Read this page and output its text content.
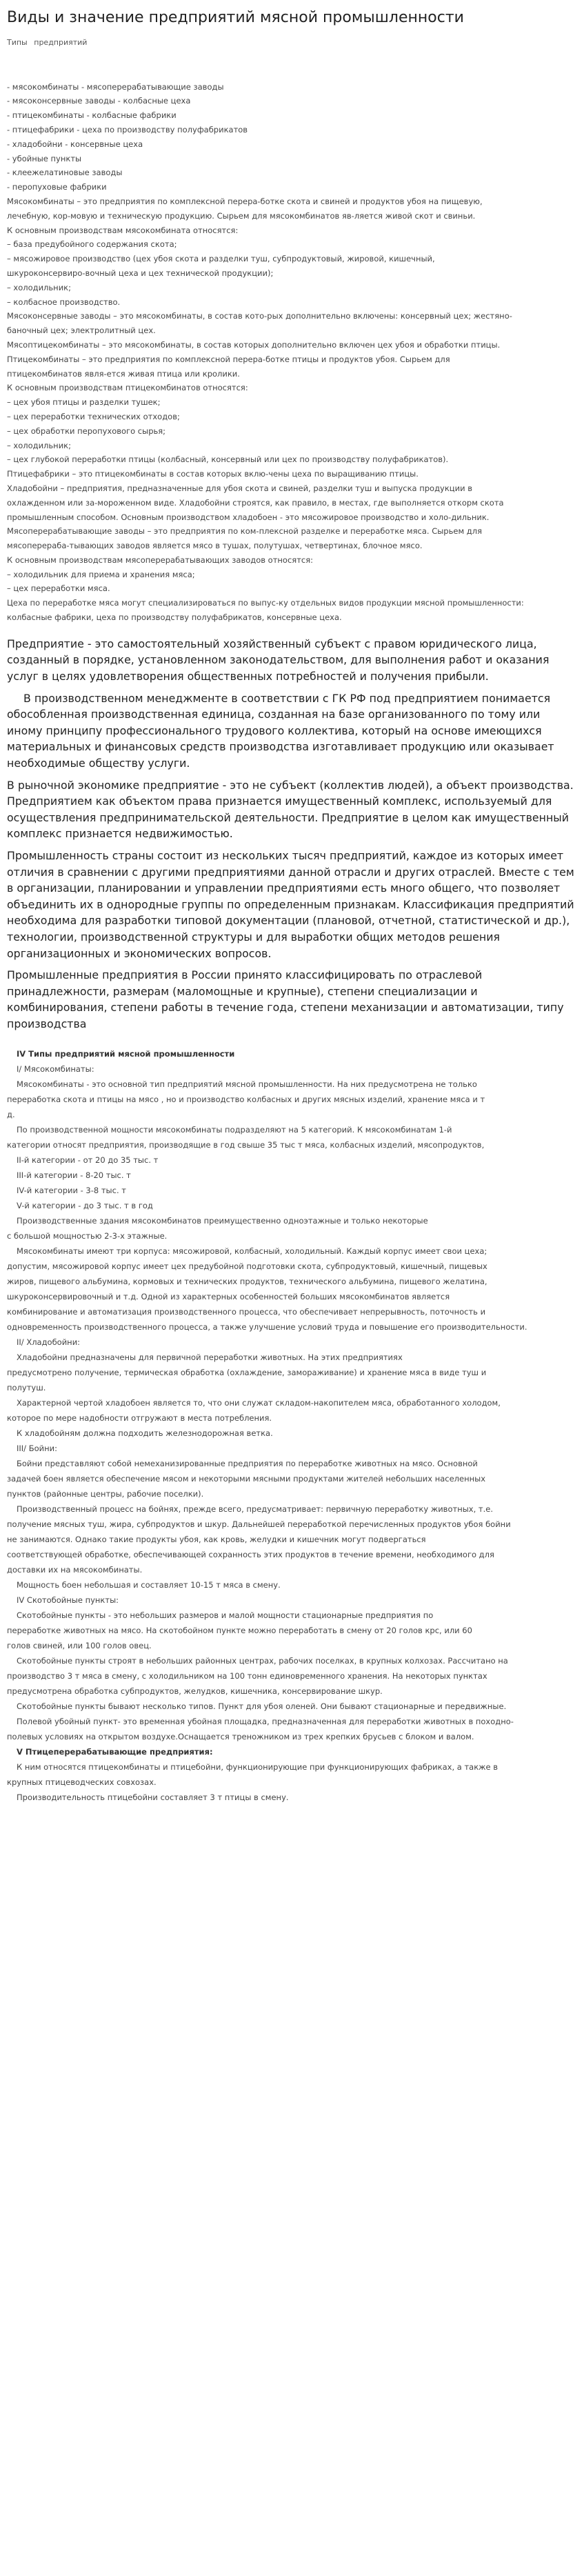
Виды и значение предприятий мясной промышленности
Типы предприятий

- мясокомбинаты - мясоперерабатывающие заводы

- мясоконсервные заводы - колбасные цеха

- птицекомбинаты - колбасные фабрики

- птицефабрики - цеха по производству полуфабрикатов

- хладобойни - консервные цеха

- убойные пункты

- клеежелатиновые заводы

- перопуховые фабрики

Мясокомбинаты – это предприятия по комплексной перера-ботке скота и свиней и продуктов убоя на пищевую,

лечебную, кор-мовую и техническую продукцию. Сырьем для мясокомбинатов яв-ляется живой скот и свиньи.

К основным производствам мясокомбината относятся:

– база предубойного содержания скота;

– мясожировое производство (цех убоя скота и разделки туш, субпродуктовый, жировой, кишечный,

шкуроконсервиро-вочный цеха и цех технической продукции);

– холодильник;

– колбасное производство.

Мясоконсервные заводы – это мясокомбинаты, в состав кото-рых дополнительно включены: консервный цех; жестяно-

баночный цех; электролитный цех.

Мясоптицекомбинаты – это мясокомбинаты, в состав которых дополнительно включен цех убоя и обработки птицы.

Птицекомбинаты – это предприятия по комплексной перера-ботке птицы и продуктов убоя. Сырьем для

птицекомбинатов явля-ется живая птица или кролики.

К основным производствам птицекомбинатов относятся:

– цех убоя птицы и разделки тушек;

– цех переработки технических отходов;

– цех обработки перопухового сырья;

– холодильник;

– цех глубокой переработки птицы (колбасный, консервный или цех по производству полуфабрикатов).

Птицефабрики – это птицекомбинаты в состав которых вклю-чены цеха по выращиванию птицы.

Хладобойни – предприятия, предназначенные для убоя скота и свиней, разделки туш и выпуска продукции в

охлажденном или за-мороженном виде. Хладобойни строятся, как правило, в местах, где выполняется откорм скота

промышленным способом. Основным производством хладобоен - это мясожировое производство и холо-дильник.

Мясоперерабатывающие заводы – это предприятия по ком-плексной разделке и переработке мяса. Сырьем для

мясоперераба-тывающих заводов является мясо в тушах, полутушах, четвертинах, блочное мясо.

К основным производствам мясоперерабатывающих заводов относятся:

– холодильник для приема и хранения мяса;

– цех переработки мяса.

Цеха по переработке мяса могут специализироваться по выпус-ку отдельных видов продукции мясной промышленности:

колбасные фабрики, цеха по производству полуфабрикатов, консервные цеха.

Предприятие - это самостоятельный хозяйственный субъект с правом юридического лица, созданный в порядке, установленном законодательством, для выполнения работ и оказания услуг в целях удовлетворения общественных потребностей и получения прибыли.

В производственном менеджменте в соответствии с ГК РФ под предприятием понимается обособленная производственная единица, созданная на базе организованного по тому или иному принципу профессионального трудового коллектива, который на основе имеющихся материальных и финансовых средств производства изготавливает продукцию или оказывает необходимые обществу услуги.

В рыночной экономике предприятие - это не субъект (коллектив людей), а объект производства. Предприятием как объектом права признается имущественный комплекс, используемый для осуществления предпринимательской деятельности. Предприятие в целом как имущественный комплекс признается недвижимостью.

Промышленность страны состоит из нескольких тысяч предприятий, каждое из которых имеет отличия в сравнении с другими предприятиями данной отрасли и других отраслей. Вместе с тем в организации, планировании и управлении предприятиями есть много общего, что позволяет объединить их в однородные группы по определенным признакам. Классификация предприятий необходима для разработки типовой документации (плановой, отчетной, статистической и др.), технологии, производственной структуры и для выработки общих методов решения организационных и экономических вопросов.

Промышленные предприятия в России принято классифицировать по отраслевой принадлежности, размерам (маломощные и крупные), степени специализации и комбинирования, степени работы в течение года, степени механизации и автоматизации, типу производства

IV Типы предприятий мясной промышленности

I/ Мясокомбинаты:

Мясокомбинаты - это основной тип предприятий мясной промышленности. На них предусмотрена не только

переработка скота и птицы на мясо , но и производство колбасных и других мясных изделий, хранение мяса и т

д.

По производственной мощности мясокомбинаты подразделяют на 5 категорий. К мясокомбинатам 1-й

категории относят предприятия, производящие в год свыше 35 тыс т мяса, колбасных изделий, мясопродуктов,

II-й категории - от 20 до 35 тыс. т

III-й категории - 8-20 тыс. т

IV-й категории - 3-8 тыс. т

V-й категории - до 3 тыс. т в год

Производственные здания мясокомбинатов преимущественно одноэтажные и только некоторые

с большой мощностью 2-3-х этажные.

Мясокомбинаты имеют три корпуса: мясожировой, колбасный, холодильный. Каждый корпус имеет свои цеха;

допустим, мясожировой корпус имеет цех предубойной подготовки скота, субпродуктовый, кишечный, пищевых

жиров, пищевого альбумина, кормовых и технических продуктов, технического альбумина, пищевого желатина,

шкуроконсервировочный и т.д. Одной из характерных особенностей больших мясокомбинатов является

комбинирование и автоматизация производственного процесса, что обеспечивает непрерывность, поточность и

одновременность производственного процесса, а также улучшение условий труда и повышение его производительности.

II/ Хладобойни:

Хладобойни предназначены для первичной переработки животных. На этих предприятиях

предусмотрено получение, термическая обработка (охлаждение, замораживание) и хранение мяса в виде туш и

полутуш.

Характерной чертой хладобоен является то, что они служат складом-накопителем мяса, обработанного холодом,

которое по мере надобности отгружают в места потребления.

К хладобойням должна подходить железнодорожная ветка.

III/ Бойни:

Бойни представляют собой немеханизированные предприятия по переработке животных на мясо. Основной

задачей боен является обеспечение мясом и некоторыми мясными продуктами жителей небольших населенных

пунктов (районные центры, рабочие поселки).

Производственный процесс на бойнях, прежде всего, предусматривает: первичную переработку животных, т.е.

получение мясных туш, жира, субпродуктов и шкур. Дальнейшей переработкой перечисленных продуктов убоя бойни

не занимаются. Однако такие продукты убоя, как кровь, желудки и кишечник могут подвергаться

соответствующей обработке, обеспечивающей сохранность этих продуктов в течение времени, необходимого для

доставки их на мясокомбинаты.

Мощность боен небольшая и составляет 10-15 т мяса в смену.

IV Скотобойные пункты:

Скотобойные пункты - это небольших размеров и малой мощности стационарные предприятия по

переработке животных на мясо. На скотобойном пункте можно переработать в смену от 20 голов крс, или 60

голов свиней, или 100 голов овец.

Скотобойные пункты строят в небольших районных центрах, рабочих поселках, в крупных колхозах. Рассчитано на

производство 3 т мяса в смену, с холодильником на 100 тонн единовременного хранения. На некоторых пунктах

предусмотрена обработка субпродуктов, желудков, кишечника, консервирование шкур.

Скотобойные пункты бывают несколько типов. Пункт для убоя оленей. Они бывают стационарные и передвижные.

Полевой убойный пункт- это временная убойная площадка, предназначенная для переработки животных в походно-

полевых условиях на открытом воздухе.Оснащается треножником из трех крепких брусьев с блоком и валом.

V Птицеперерабатывающие предприятия:

К ним относятся птицекомбинаты и птицебойни, функционирующие при функционирующих фабриках, а также в

крупных птицеводческих совхозах.

Производительность птицебойни составляет 3 т птицы в смену.
